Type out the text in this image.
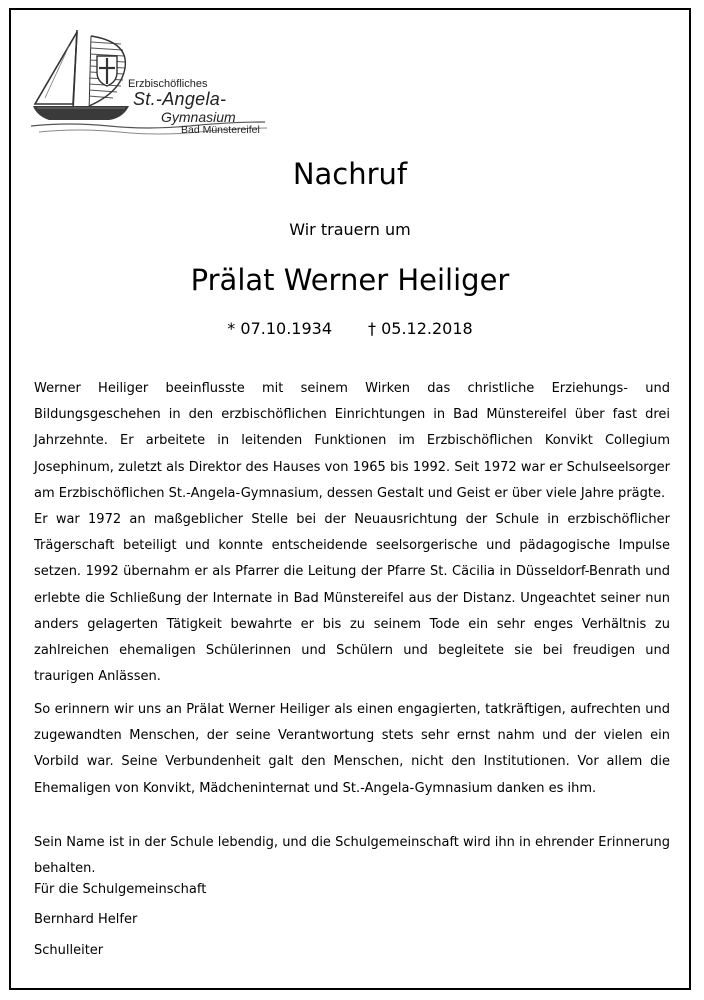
Erzbischöfliches
St.-Angela-
Gymnasium
Bad Münstereifel
Nachruf
Wir trauern um
Prälat Werner Heiliger
* 07.10.1934 † 05.12.2018

Werner Heiliger beeinflusste mit seinem Wirken das christliche Erziehungs- und Bildungsgeschehen in den erzbischöflichen Einrichtungen in Bad Münstereifel über fast drei Jahrzehnte. Er arbeitete in leitenden Funktionen im Erzbischöflichen Konvikt Collegium Josephinum, zuletzt als Direktor des Hauses von 1965 bis 1992. Seit 1972 war er Schulseelsorger am Erzbischöflichen St.-Angela-Gymnasium, dessen Gestalt und Geist er über viele Jahre prägte.

Er war 1972 an maßgeblicher Stelle bei der Neuausrichtung der Schule in erzbischöflicher Trägerschaft beteiligt und konnte entscheidende seelsorgerische und pädagogische Impulse setzen. 1992 übernahm er als Pfarrer die Leitung der Pfarre St. Cäcilia in Düsseldorf-Benrath und erlebte die Schließung der Internate in Bad Münstereifel aus der Distanz. Ungeachtet seiner nun anders gelagerten Tätigkeit bewahrte er bis zu seinem Tode ein sehr enges Verhältnis zu zahlreichen ehemaligen Schülerinnen und Schülern und begleitete sie bei freudigen und traurigen Anlässen.

So erinnern wir uns an Prälat Werner Heiliger als einen engagierten, tatkräftigen, aufrechten und zugewandten Menschen, der seine Verantwortung stets sehr ernst nahm und der vielen ein Vorbild war. Seine Verbundenheit galt den Menschen, nicht den Institutionen. Vor allem die Ehemaligen von Konvikt, Mädcheninternat und St.-Angela-Gymnasium danken es ihm.

Sein Name ist in der Schule lebendig, und die Schulgemeinschaft wird ihn in ehrender Erinnerung behalten.

Für die Schulgemeinschaft
Bernhard Helfer
Schulleiter
